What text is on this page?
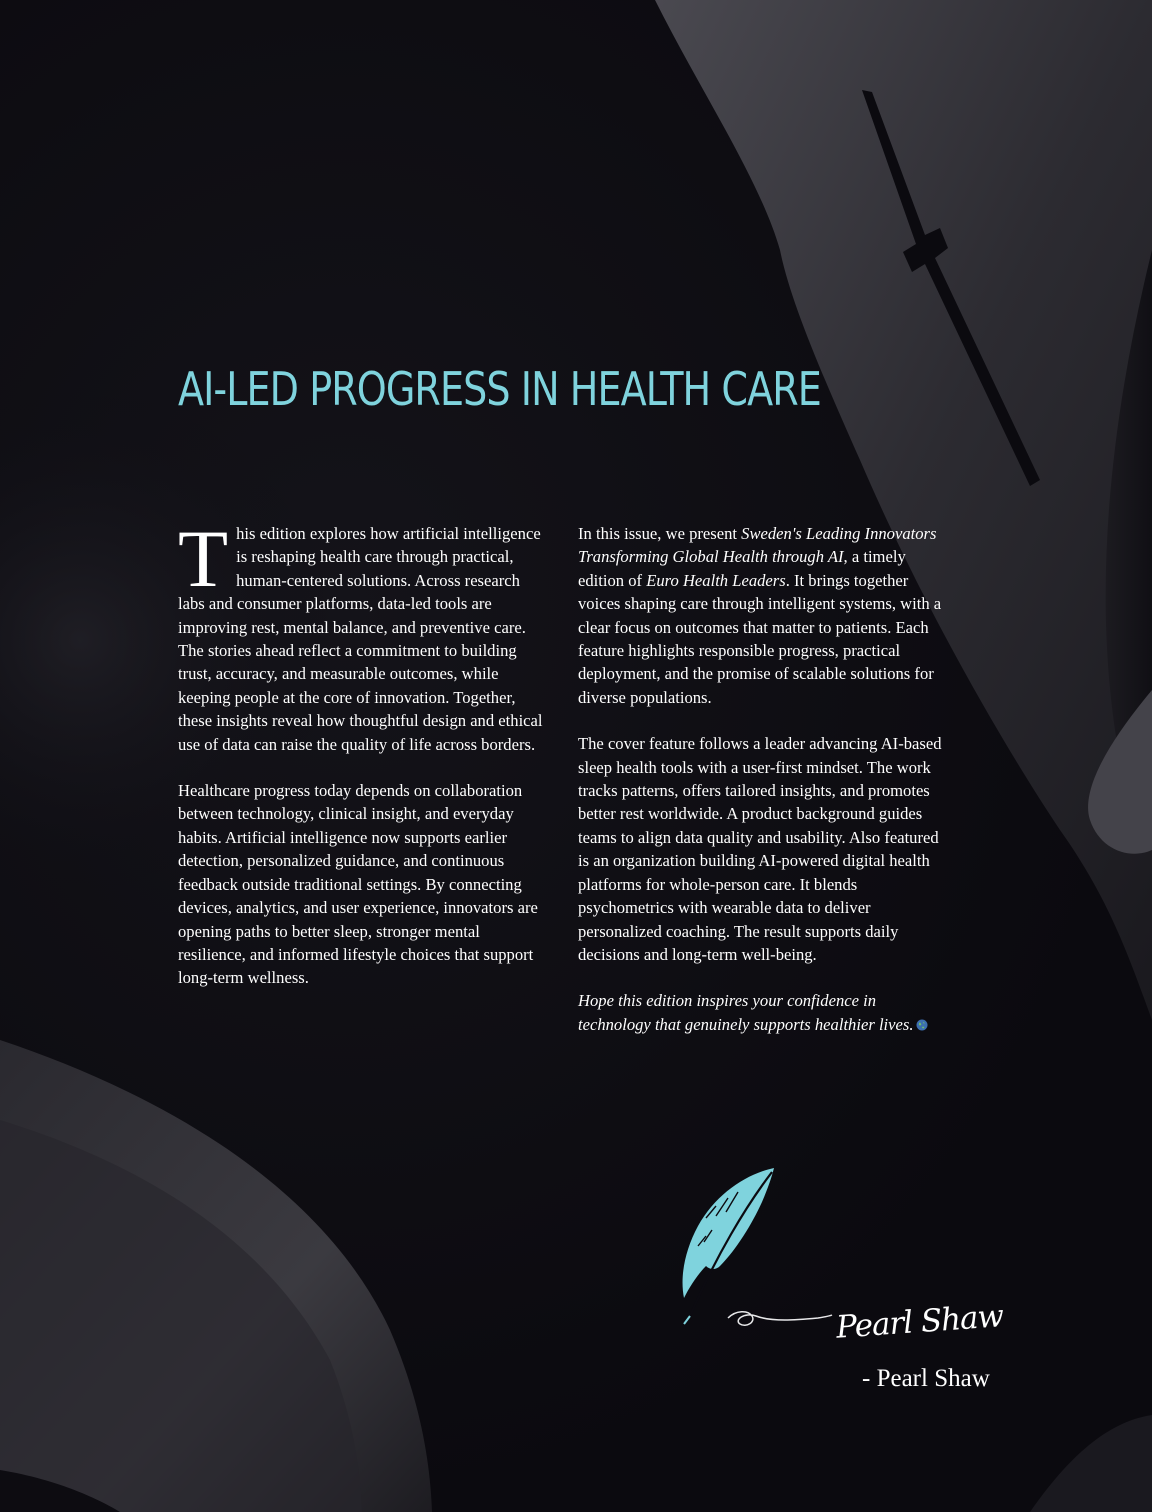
AI-LED PROGRESS IN HEALTH CARE

This edition explores how artificial intelligence is reshaping health care through practical, human-centered solutions. Across research labs and consumer platforms, data-led tools are improving rest, mental balance, and preventive care. The stories ahead reflect a commitment to building trust, accuracy, and measurable outcomes, while keeping people at the core of innovation. Together, these insights reveal how thoughtful design and ethical use of data can raise the quality of life across borders.

Healthcare progress today depends on collaboration between technology, clinical insight, and everyday habits. Artificial intelligence now supports earlier detection, personalized guidance, and continuous feedback outside traditional settings. By connecting devices, analytics, and user experience, innovators are opening paths to better sleep, stronger mental resilience, and informed lifestyle choices that support long-term wellness.

In this issue, we present Sweden's Leading Innovators Transforming Global Health through AI, a timely edition of Euro Health Leaders. It brings together voices shaping care through intelligent systems, with a clear focus on outcomes that matter to patients. Each feature highlights responsible progress, practical deployment, and the promise of scalable solutions for diverse populations.

The cover feature follows a leader advancing AI-based sleep health tools with a user-first mindset. The work tracks patterns, offers tailored insights, and promotes better rest worldwide. A product background guides teams to align data quality and usability. Also featured is an organization building AI-powered digital health platforms for whole-person care. It blends psychometrics with wearable data to deliver personalized coaching. The result supports daily decisions and long-term well-being.

Hope this edition inspires your confidence in technology that genuinely supports healthier lives.

Pearl Shaw
- Pearl Shaw
